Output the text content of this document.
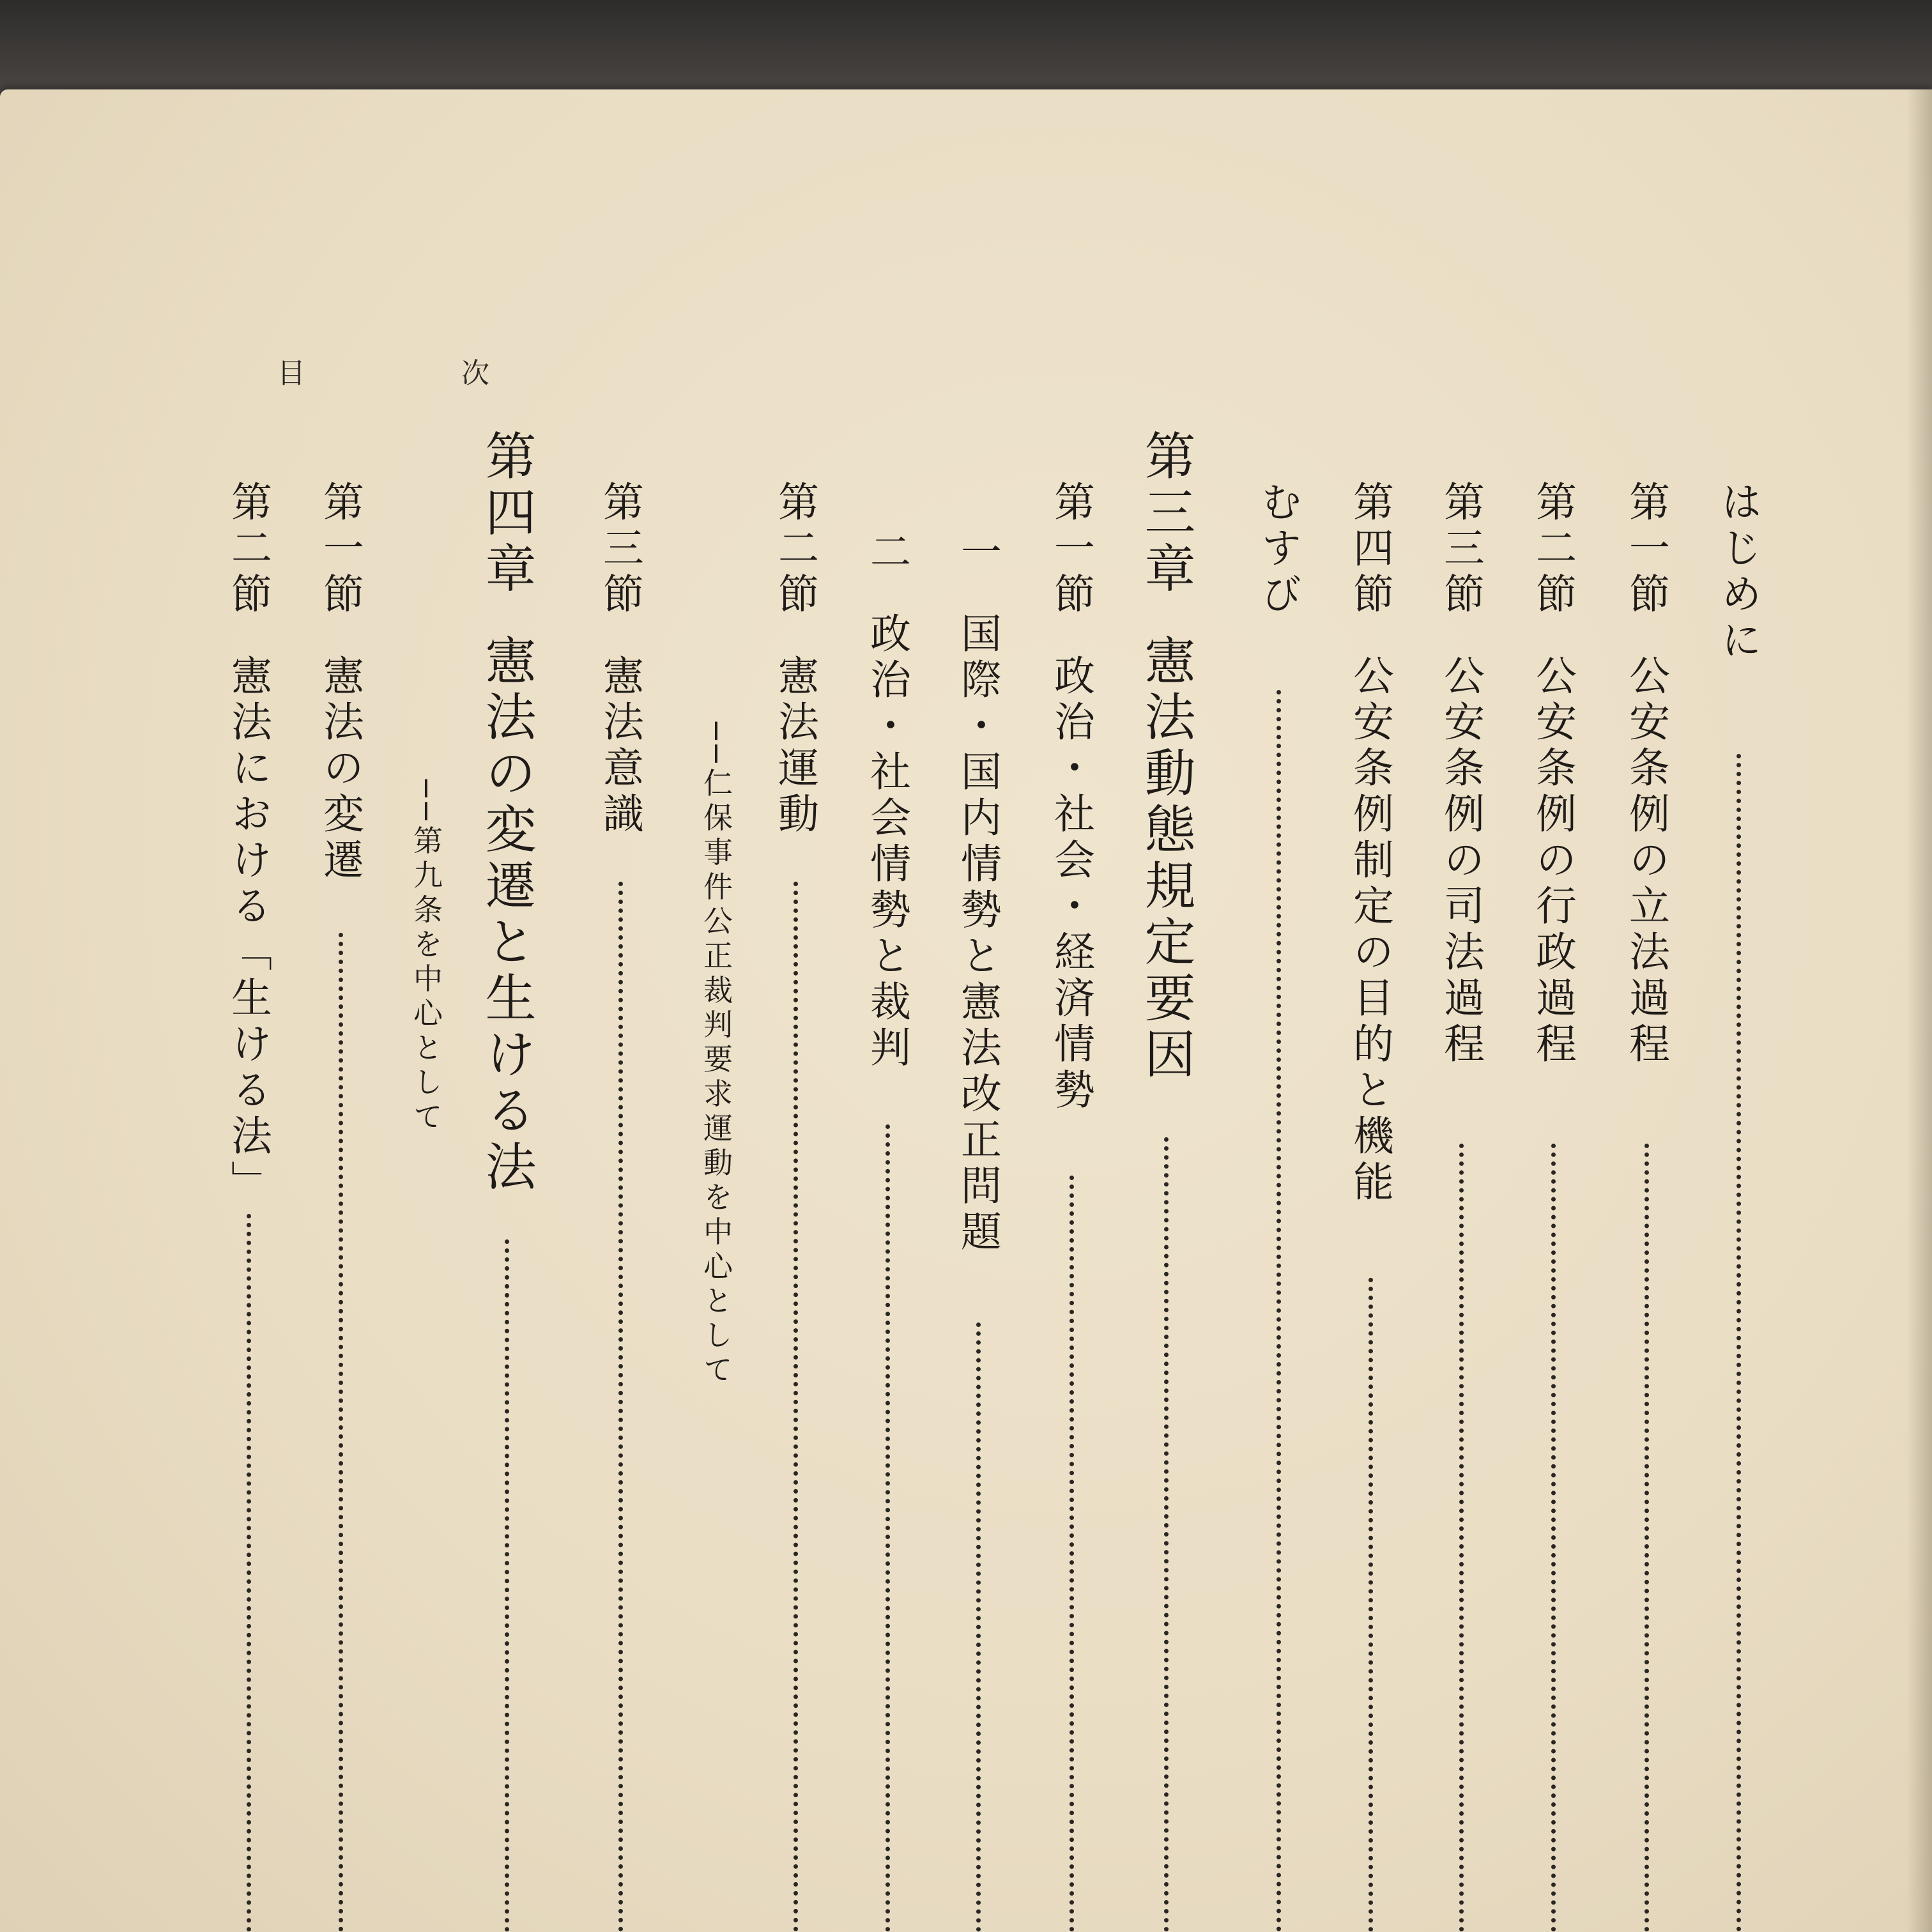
目　次
はじめに
第一節公安条例の立法過程
第二節公安条例の行政過程
第三節公安条例の司法過程
第四節公安条例制定の目的と機能
むすび
第三章憲法動態規定要因
第一節政治・社会・経済情勢
一国際・国内情勢と憲法改正問題
二政治・社会情勢と裁判
──仁保事件公正裁判要求運動を中心として
第二節憲法運動
第三節憲法意識
第四章憲法の変遷と生ける法
──第九条を中心として
第一節憲法の変遷
第二節憲法における「生ける法」
